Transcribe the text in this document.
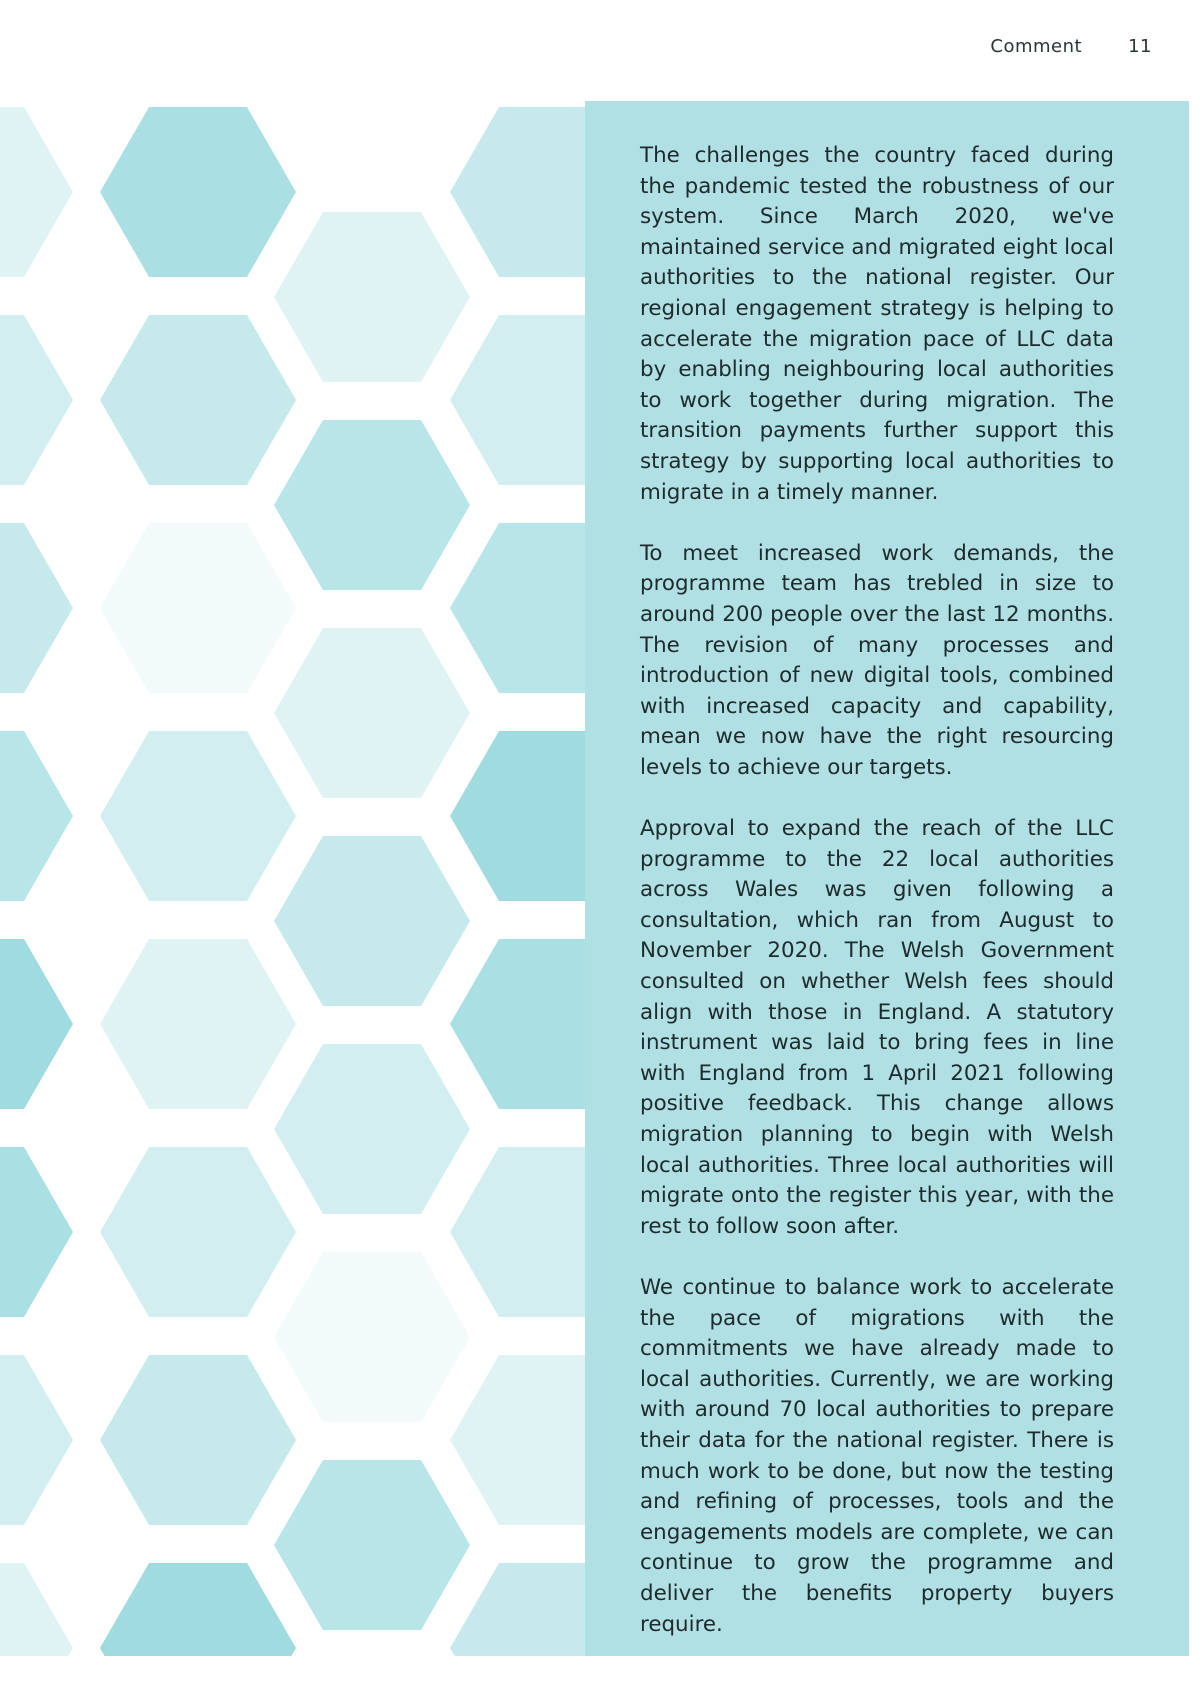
Comment	11

The challenges the country faced during the pandemic tested the robustness of our system. Since March 2020, we've maintained service and migrated eight local authorities to the national register. Our regional engagement strategy is helping to accelerate the migration pace of LLC data by enabling neighbouring local authorities to work together during migration. The transition payments further support this strategy by supporting local authorities to migrate in a timely manner.

To meet increased work demands, the programme team has trebled in size to around 200 people over the last 12 months. The revision of many processes and introduction of new digital tools, combined with increased capacity and capability, mean we now have the right resourcing levels to achieve our targets.

Approval to expand the reach of the LLC programme to the 22 local authorities across Wales was given following a consultation, which ran from August to November 2020. The Welsh Government consulted on whether Welsh fees should align with those in England. A statutory instrument was laid to bring fees in line with England from 1 April 2021 following positive feedback. This change allows migration planning to begin with Welsh local authorities. Three local authorities will migrate onto the register this year, with the rest to follow soon after.

We continue to balance work to accelerate the pace of migrations with the commitments we have already made to local authorities. Currently, we are working with around 70 local authorities to prepare their data for the national register. There is much work to be done, but now the testing and refining of processes, tools and the engagements models are complete, we can continue to grow the programme and deliver the benefits property buyers require.
